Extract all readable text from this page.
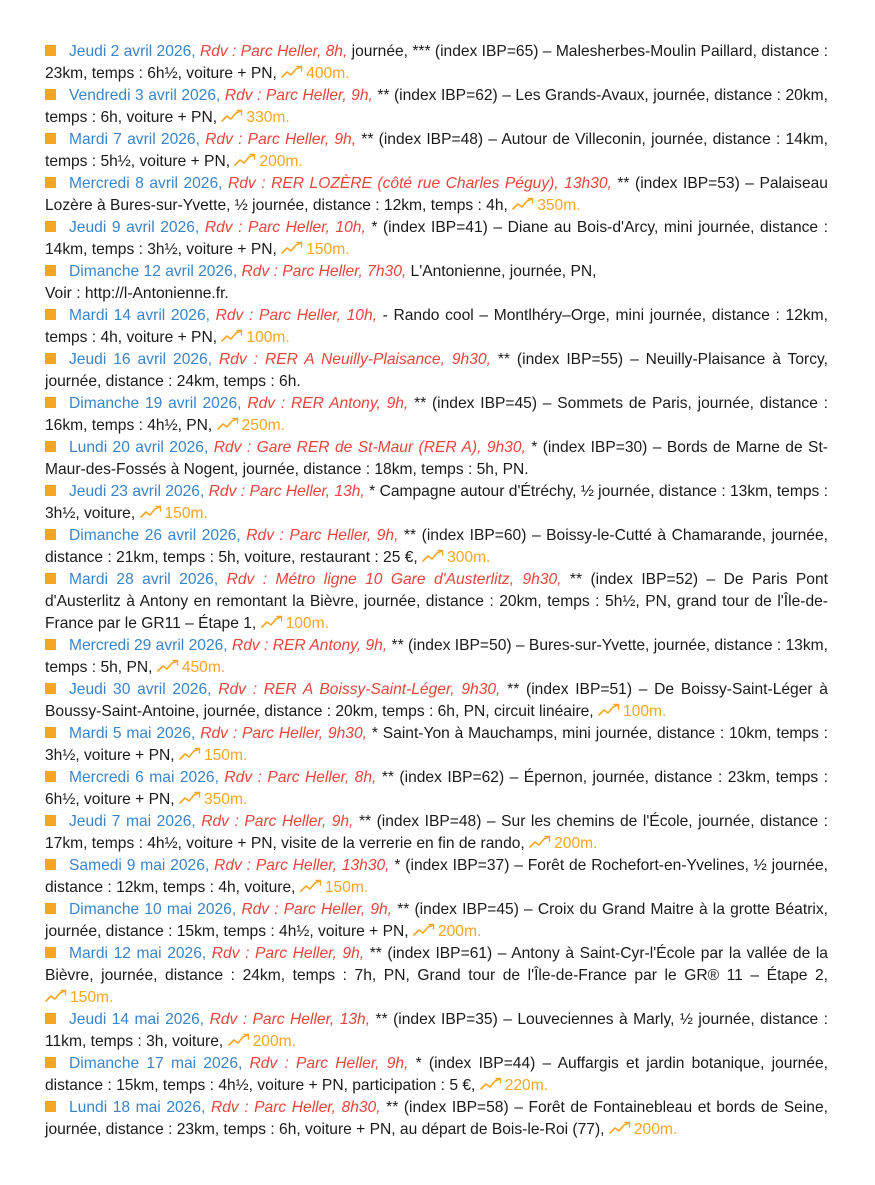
Jeudi 2 avril 2026, Rdv : Parc Heller, 8h, journée, *** (index IBP=65) – Malesherbes-Moulin Paillard, distance : 23km, temps : 6h½, voiture + PN, 400m.

Vendredi 3 avril 2026, Rdv : Parc Heller, 9h, ** (index IBP=62) – Les Grands-Avaux, journée, distance : 20km, temps : 6h, voiture + PN, 330m.

Mardi 7 avril 2026, Rdv : Parc Heller, 9h, ** (index IBP=48) – Autour de Villeconin, journée, distance : 14km, temps : 5h½, voiture + PN, 200m.

Mercredi 8 avril 2026, Rdv : RER LOZÈRE (côté rue Charles Péguy), 13h30, ** (index IBP=53) – Palaiseau Lozère à Bures-sur-Yvette, ½ journée, distance : 12km, temps : 4h, 350m.

Jeudi 9 avril 2026, Rdv : Parc Heller, 10h, * (index IBP=41) – Diane au Bois-d'Arcy, mini journée, distance : 14km, temps : 3h½, voiture + PN, 150m.

Dimanche 12 avril 2026, Rdv : Parc Heller, 7h30, L'Antonienne, journée, PN,
Voir : http://l-Antonienne.fr.

Mardi 14 avril 2026, Rdv : Parc Heller, 10h, - Rando cool – Montlhéry–Orge, mini journée, distance : 12km, temps : 4h, voiture + PN, 100m.

Jeudi 16 avril 2026, Rdv : RER A Neuilly-Plaisance, 9h30, ** (index IBP=55) – Neuilly-Plaisance à Torcy, journée, distance : 24km, temps : 6h.

Dimanche 19 avril 2026, Rdv : RER Antony, 9h, ** (index IBP=45) – Sommets de Paris, journée, distance : 16km, temps : 4h½, PN, 250m.

Lundi 20 avril 2026, Rdv : Gare RER de St-Maur (RER A), 9h30, * (index IBP=30) – Bords de Marne de St-Maur-des-Fossés à Nogent, journée, distance : 18km, temps : 5h, PN.

Jeudi 23 avril 2026, Rdv : Parc Heller, 13h, * Campagne autour d'Étréchy, ½ journée, distance : 13km, temps : 3h½, voiture, 150m.

Dimanche 26 avril 2026, Rdv : Parc Heller, 9h, ** (index IBP=60) – Boissy-le-Cutté à Chamarande, journée, distance : 21km, temps : 5h, voiture, restaurant : 25 €, 300m.

Mardi 28 avril 2026, Rdv : Métro ligne 10 Gare d'Austerlitz, 9h30, ** (index IBP=52) – De Paris Pont d'Austerlitz à Antony en remontant la Bièvre, journée, distance : 20km, temps : 5h½, PN, grand tour de l'Île-de-France par le GR11 – Étape 1, 100m.

Mercredi 29 avril 2026, Rdv : RER Antony, 9h, ** (index IBP=50) – Bures-sur-Yvette, journée, distance : 13km, temps : 5h, PN, 450m.

Jeudi 30 avril 2026, Rdv : RER A Boissy-Saint-Léger, 9h30, ** (index IBP=51) – De Boissy-Saint-Léger à Boussy-Saint-Antoine, journée, distance : 20km, temps : 6h, PN, circuit linéaire, 100m.

Mardi 5 mai 2026, Rdv : Parc Heller, 9h30, * Saint-Yon à Mauchamps, mini journée, distance : 10km, temps : 3h½, voiture + PN, 150m.

Mercredi 6 mai 2026, Rdv : Parc Heller, 8h, ** (index IBP=62) – Épernon, journée, distance : 23km, temps : 6h½, voiture + PN, 350m.

Jeudi 7 mai 2026, Rdv : Parc Heller, 9h, ** (index IBP=48) – Sur les chemins de l'École, journée, distance : 17km, temps : 4h½, voiture + PN, visite de la verrerie en fin de rando, 200m.

Samedi 9 mai 2026, Rdv : Parc Heller, 13h30, * (index IBP=37) – Forêt de Rochefort-en-Yvelines, ½ journée, distance : 12km, temps : 4h, voiture, 150m.

Dimanche 10 mai 2026, Rdv : Parc Heller, 9h, ** (index IBP=45) – Croix du Grand Maitre à la grotte Béatrix, journée, distance : 15km, temps : 4h½, voiture + PN, 200m.

Mardi 12 mai 2026, Rdv : Parc Heller, 9h, ** (index IBP=61) – Antony à Saint-Cyr-l'École par la vallée de la Bièvre, journée, distance : 24km, temps : 7h, PN, Grand tour de l'Île-de-France par le GR® 11 – Étape 2, 150m.

Jeudi 14 mai 2026, Rdv : Parc Heller, 13h, ** (index IBP=35) – Louveciennes à Marly, ½ journée, distance : 11km, temps : 3h, voiture, 200m.

Dimanche 17 mai 2026, Rdv : Parc Heller, 9h, * (index IBP=44) – Auffargis et jardin botanique, journée, distance : 15km, temps : 4h½, voiture + PN, participation : 5 €, 220m.

Lundi 18 mai 2026, Rdv : Parc Heller, 8h30, ** (index IBP=58) – Forêt de Fontainebleau et bords de Seine, journée, distance : 23km, temps : 6h, voiture + PN, au départ de Bois-le-Roi (77), 200m.
